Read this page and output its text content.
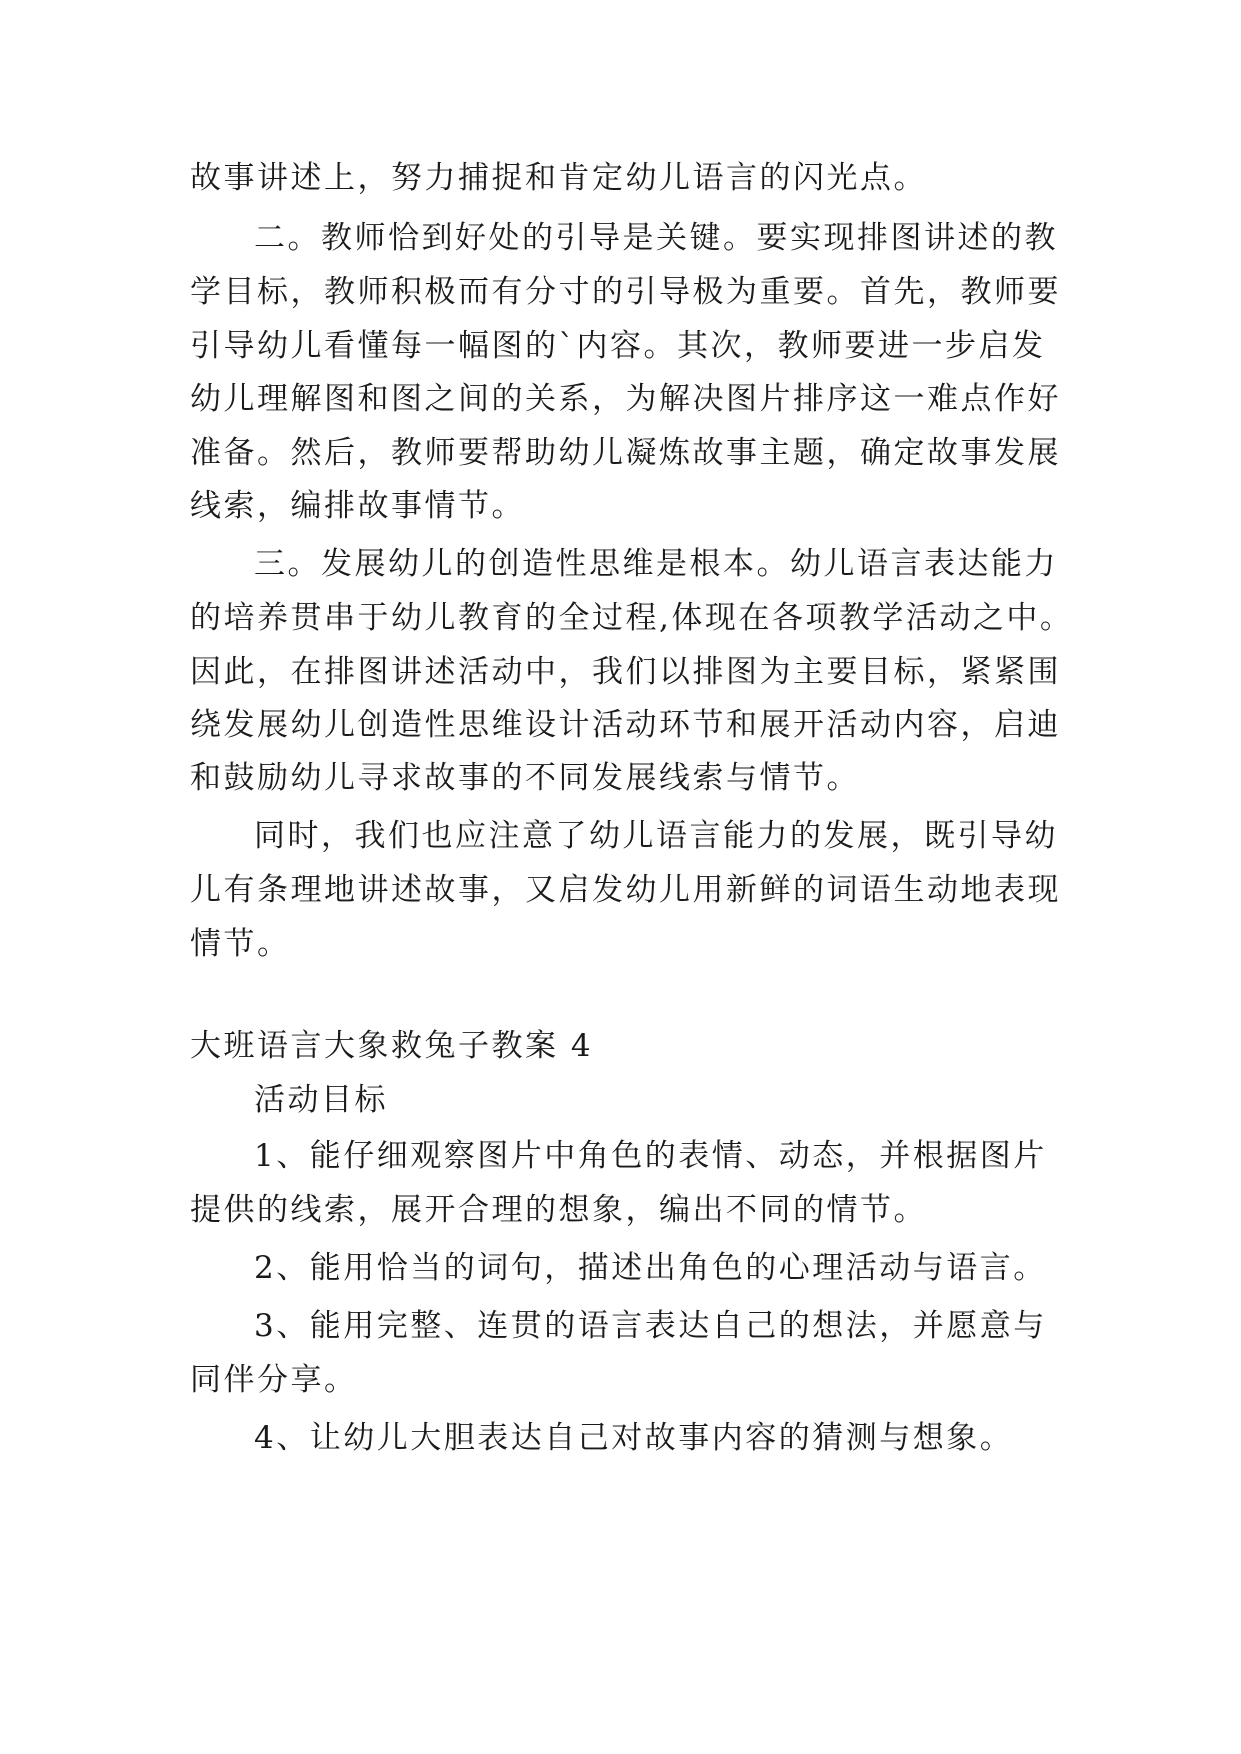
故事讲述上，努力捕捉和肯定幼儿语言的闪光点。
二。教师恰到好处的引导是关键。要实现排图讲述的教
学目标，教师积极而有分寸的引导极为重要。首先，教师要
引导幼儿看懂每一幅图的`内容。其次，教师要进一步启发
幼儿理解图和图之间的关系，为解决图片排序这一难点作好
准备。然后，教师要帮助幼儿凝炼故事主题，确定故事发展
线索，编排故事情节。
三。发展幼儿的创造性思维是根本。幼儿语言表达能力
的培养贯串于幼儿教育的全过程,体现在各项教学活动之中。
因此，在排图讲述活动中，我们以排图为主要目标，紧紧围
绕发展幼儿创造性思维设计活动环节和展开活动内容，启迪
和鼓励幼儿寻求故事的不同发展线索与情节。
同时，我们也应注意了幼儿语言能力的发展，既引导幼
儿有条理地讲述故事，又启发幼儿用新鲜的词语生动地表现
情节。
大班语言大象救兔子教案 4
活动目标
1、能仔细观察图片中角色的表情、动态，并根据图片
提供的线索，展开合理的想象，编出不同的情节。
2、能用恰当的词句，描述出角色的心理活动与语言。
3、能用完整、连贯的语言表达自己的想法，并愿意与
同伴分享。
4、让幼儿大胆表达自己对故事内容的猜测与想象。
